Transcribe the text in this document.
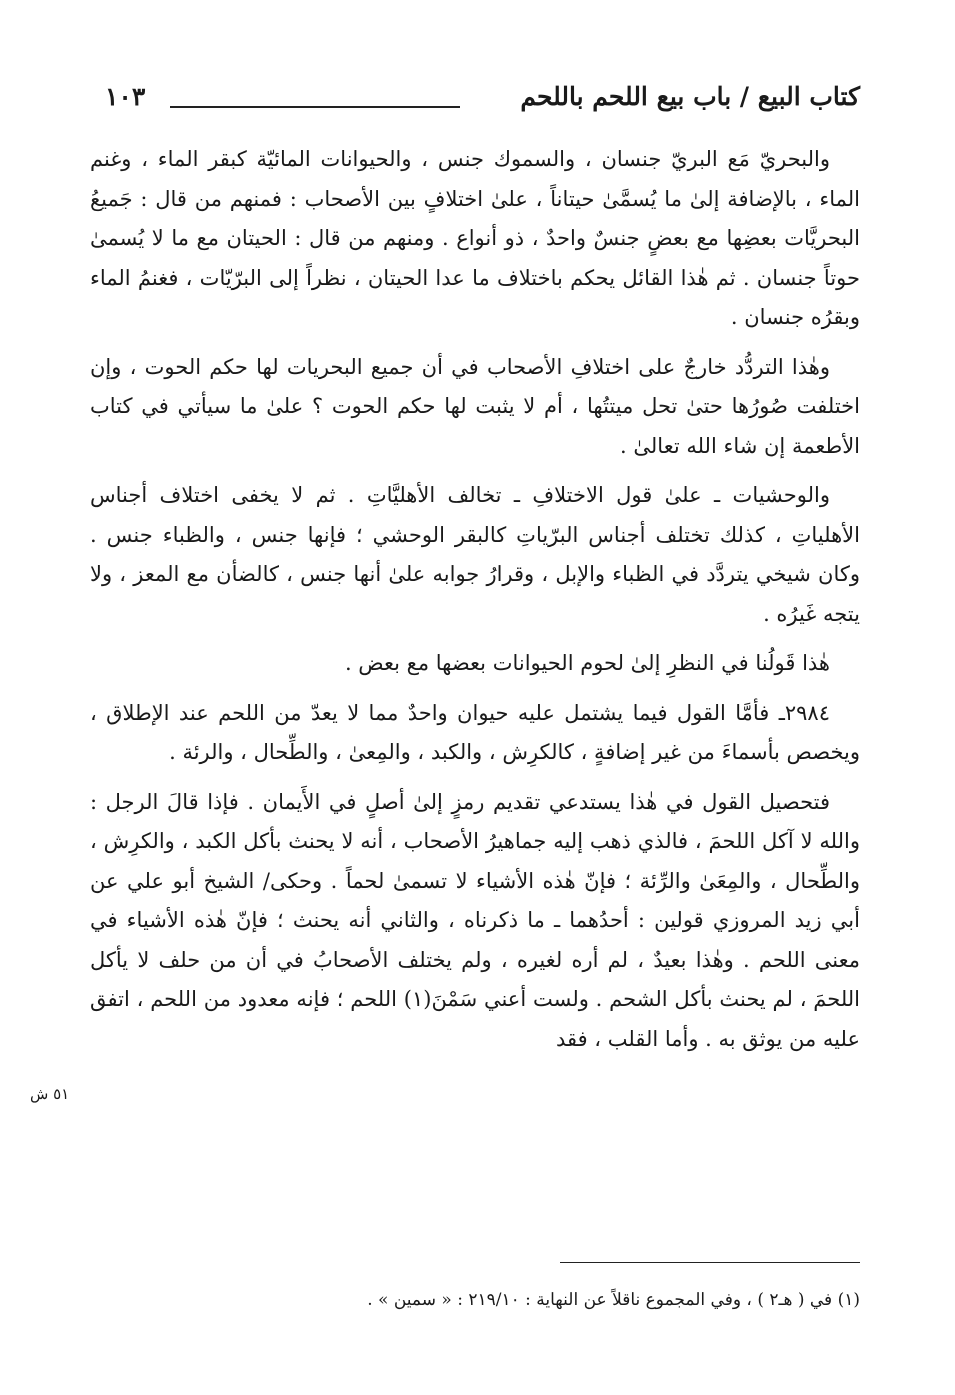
كتاب البيع / باب بيع اللحم باللحم
١٠٣

والبحريّ مَع البريّ جنسان ، والسموك جنس ، والحيوانات المائيّة كبقر الماء ، وغنم الماء ، بالإضافة إلىٰ ما يُسمَّىٰ حيتاناً ، علىٰ اختلافٍ بين الأصحاب : فمنهم من قال : جَميعُ البحريَّات بعضِها مع بعضٍ جنسٌ واحدٌ ، ذو أنواع . ومنهم من قال : الحيتان مع ما لا يُسمىٰ حوتاً جنسان . ثم هٰذا القائل يحكم باختلاف ما عدا الحيتان ، نظراً إلى البرّيّات ، فغنمُ الماء وبقرُه جنسان .

وهٰذا التردُّد خارجٌ على اختلافِ الأصحاب في أن جميع البحريات لها حكم الحوت ، وإن اختلفت صُورُها حتىٰ تحل ميتتُها ، أم لا يثبت لها حكم الحوت ؟ علىٰ ما سيأتي في كتاب الأطعمة إن شاء الله تعالىٰ .

والوحشيات ـ علىٰ قول الاختلافِ ـ تخالف الأهليَّاتِ . ثم لا يخفى اختلاف أجناس الأهلياتِ ، كذلك تختلف أجناس البرّياتِ كالبقر الوحشي ؛ فإنها جنس ، والظباء جنس . وكان شيخي يتردَّد في الظباء والإبل ، وقرارُ جوابه علىٰ أنها جنس ، كالضأن مع المعز ، ولا يتجه غَيرُه .

هٰذا قَولُنا في النظرِ إلىٰ لحوم الحيوانات بعضها مع بعض .

٢٩٨٤ـ فأمَّا القول فيما يشتمل عليه حيوان واحدٌ مما لا يعدّ من اللحم عند الإطلاق ، ويخصص بأسماءَ من غير إضافةٍ ، كالكرِش ، والكبد ، والمِعىٰ ، والطِّحال ، والرئة .

فتحصيل القول في هٰذا يستدعي تقديم رمزٍ إلىٰ أصلٍ في الأَيمان . فإذا قالَ الرجل : والله لا آكل اللحمَ ، فالذي ذهب إليه جماهيرُ الأصحاب ، أنه لا يحنث بأكل الكبد ، والكرِش ، والطِّحال ، والمِعَىٰ والرِّئة ؛ فإنّ هٰذه الأشياء لا تسمىٰ لحماً . وحكى/ الشيخ أبو علي عن أبي زيد المروزي قولين : أحدُهما ـ ما ذكرناه ، والثاني أنه يحنث ؛ فإنّ هٰذه الأشياء في معنى اللحم . وهٰذا بعيدٌ ، لم أره لغيره ، ولم يختلف الأصحابُ في أن من حلف لا يأكل اللحمَ ، لم يحنث بأكل الشحم . ولست أعني سَمْنَ(١) اللحم ؛ فإنه معدود من اللحم ، اتفق عليه من يوثق به . وأما القلب ، فقد

٥١ ش
(١) في ( هـ٢ ) ، وفي المجموع ناقلاً عن النهاية : ٢١٩/١٠ : « سمين » .
